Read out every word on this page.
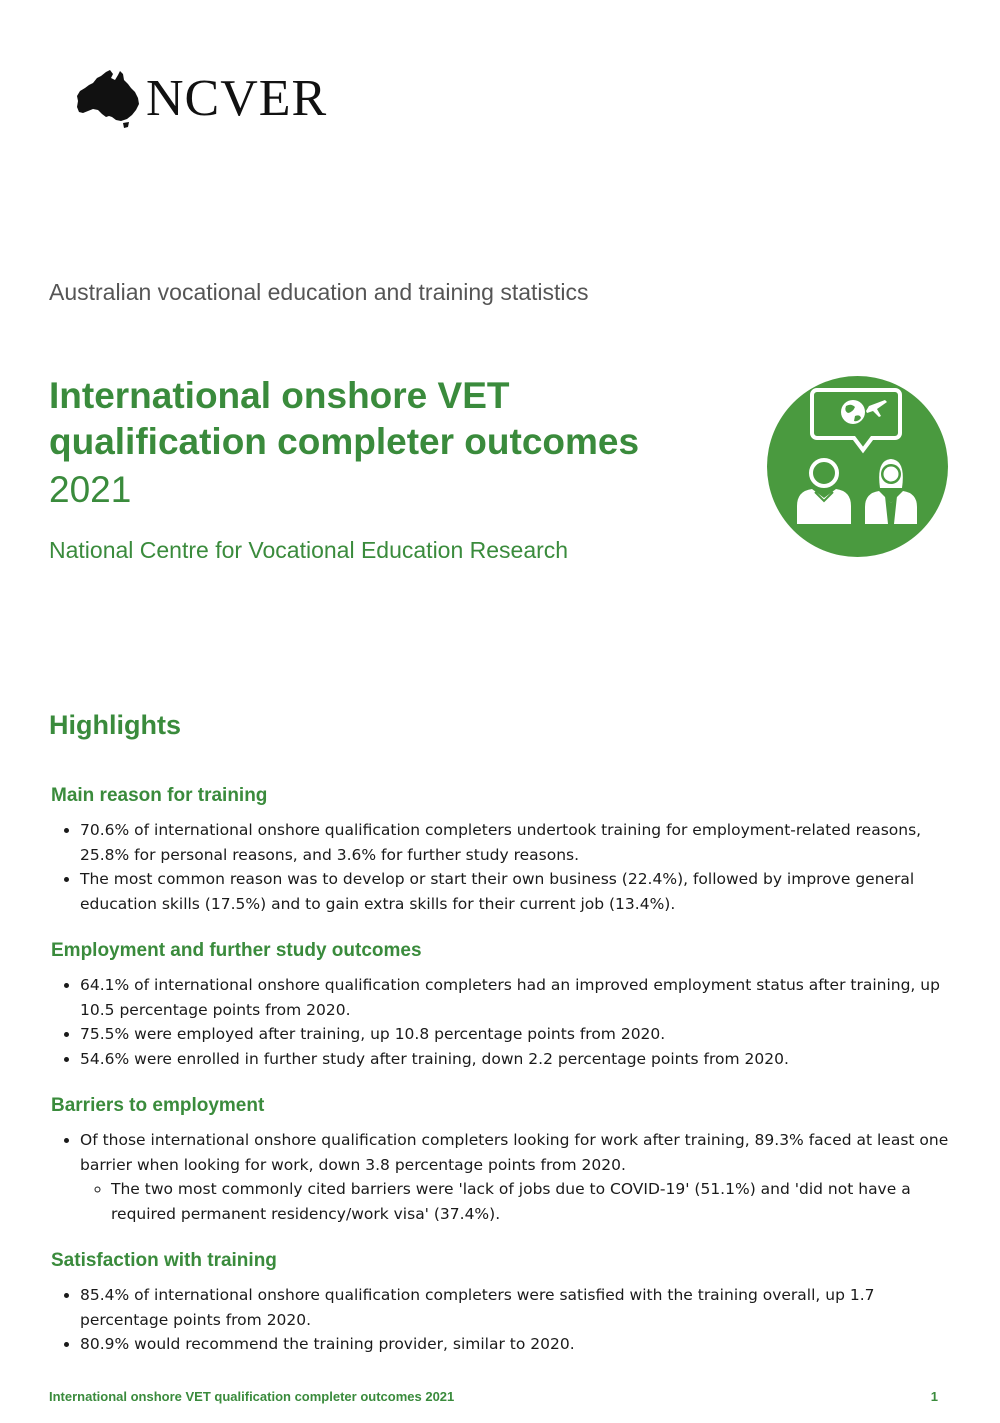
NCVER
Australian vocational education and training statistics
International onshore VET
qualification completer outcomes
2021
National Centre for Vocational Education Research
Highlights
Main reason for training
• 70.6% of international onshore qualification completers undertook training for employment-related reasons, 25.8% for personal reasons, and 3.6% for further study reasons.
• The most common reason was to develop or start their own business (22.4%), followed by improve general education skills (17.5%) and to gain extra skills for their current job (13.4%).
Employment and further study outcomes
• 64.1% of international onshore qualification completers had an improved employment status after training, up 10.5 percentage points from 2020.
• 75.5% were employed after training, up 10.8 percentage points from 2020.
• 54.6% were enrolled in further study after training, down 2.2 percentage points from 2020.
Barriers to employment
• Of those international onshore qualification completers looking for work after training, 89.3% faced at least one barrier when looking for work, down 3.8 percentage points from 2020.
◦ The two most commonly cited barriers were 'lack of jobs due to COVID-19' (51.1%) and 'did not have a required permanent residency/work visa' (37.4%).
Satisfaction with training
• 85.4% of international onshore qualification completers were satisfied with the training overall, up 1.7 percentage points from 2020.
• 80.9% would recommend the training provider, similar to 2020.
International onshore VET qualification completer outcomes 2021	1
